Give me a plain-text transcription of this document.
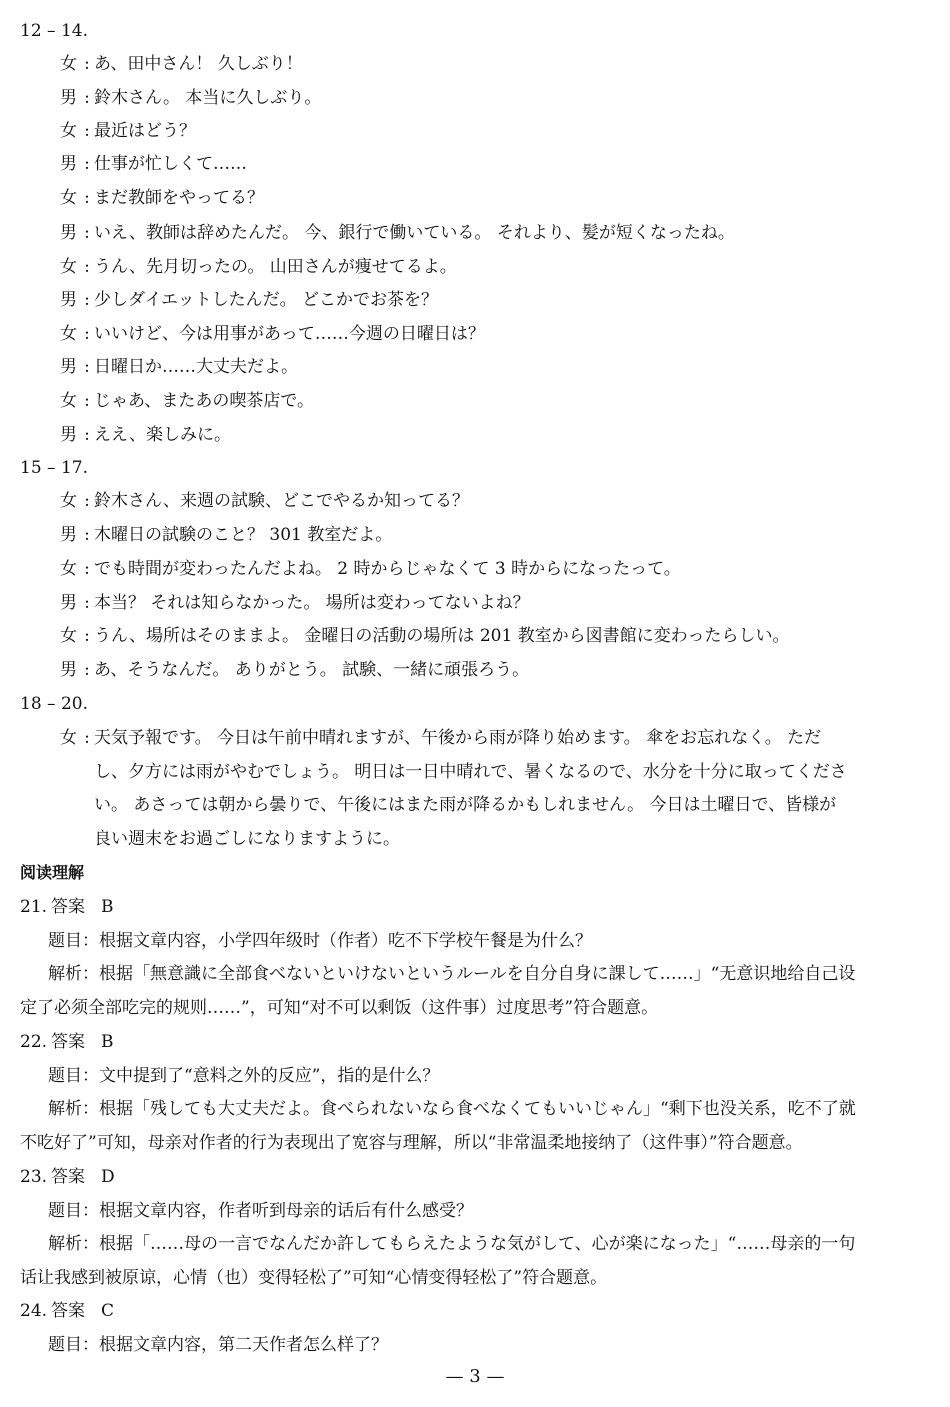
12 – 14.
女 : あ、田中さん！ 久しぶり！
男 : 鈴木さん。 本当に久しぶり。
女 : 最近はどう？
男 : 仕事が忙しくて……
女 : まだ教師をやってる？
男 : いえ、教師は辞めたんだ。 今、銀行で働いている。 それより、髪が短くなったね。
女 : うん、先月切ったの。 山田さんが痩せてるよ。
男 : 少しダイエットしたんだ。 どこかでお茶を？
女 : いいけど、今は用事があって……今週の日曜日は？
男 : 日曜日か……大丈夫だよ。
女 : じゃあ、またあの喫茶店で。
男 : ええ、楽しみに。
15 – 17.
女 : 鈴木さん、来週の試験、どこでやるか知ってる？
男 : 木曜日の試験のこと？ 301 教室だよ。
女 : でも時間が変わったんだよね。 2 時からじゃなくて 3 時からになったって。
男 : 本当？ それは知らなかった。 場所は変わってないよね？
女 : うん、場所はそのままよ。 金曜日の活動の場所は 201 教室から図書館に変わったらしい。
男 : あ、そうなんだ。 ありがとう。 試験、一緒に頑張ろう。
18 – 20.
女 : 天気予報です。 今日は午前中晴れますが、午後から雨が降り始めます。 傘をお忘れなく。 ただ
し、夕方には雨がやむでしょう。 明日は一日中晴れで、暑くなるので、水分を十分に取ってくださ
い。 あさっては朝から曇りで、午後にはまた雨が降るかもしれません。 今日は土曜日で、皆様が
良い週末をお過ごしになりますように。
阅读理解
21. 答案 B
题目：根据文章内容，小学四年级时（作者）吃不下学校午餐是为什么？
解析：根据「無意識に全部食べないといけないというルールを自分自身に課して……」“无意识地给自己设
定了必须全部吃完的规则……”，可知“对不可以剩饭（这件事）过度思考”符合题意。
22. 答案 B
题目：文中提到了“意料之外的反应”，指的是什么？
解析：根据「残しても大丈夫だよ。食べられないなら食べなくてもいいじゃん」“剩下也没关系，吃不了就
不吃好了”可知，母亲对作者的行为表现出了宽容与理解，所以“非常温柔地接纳了（这件事）”符合题意。
23. 答案 D
题目：根据文章内容，作者听到母亲的话后有什么感受？
解析：根据「……母の一言でなんだか許してもらえたような気がして、心が楽になった」“……母亲的一句
话让我感到被原谅，心情（也）变得轻松了”可知“心情变得轻松了”符合题意。
24. 答案 C
题目：根据文章内容，第二天作者怎么样了？
— 3 —
